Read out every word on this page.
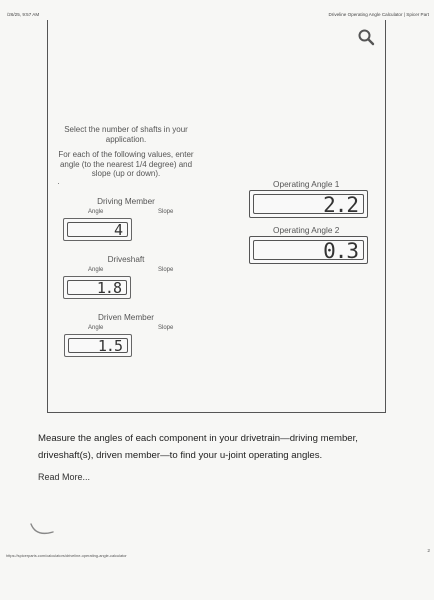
/26/25, 9:57 AM	Driveline Operating Angle Calculator | Spicer Part

Select the number of shafts in your application.

For each of the following values, enter angle (to the nearest 1/4 degree) and slope (up or down).

Driving Member
Angle	Slope
4
Driveshaft
Angle	Slope
1.8
Driven Member
Angle	Slope
1.5
Operating Angle 1
2.2
Operating Angle 2
0.3
Measure the angles of each component in your drivetrain—driving member, driveshaft(s), driven member—to find your u-joint operating angles.
Read More...
https://spicerparts.com/calculators/driveline-operating-angle-calculator
2
